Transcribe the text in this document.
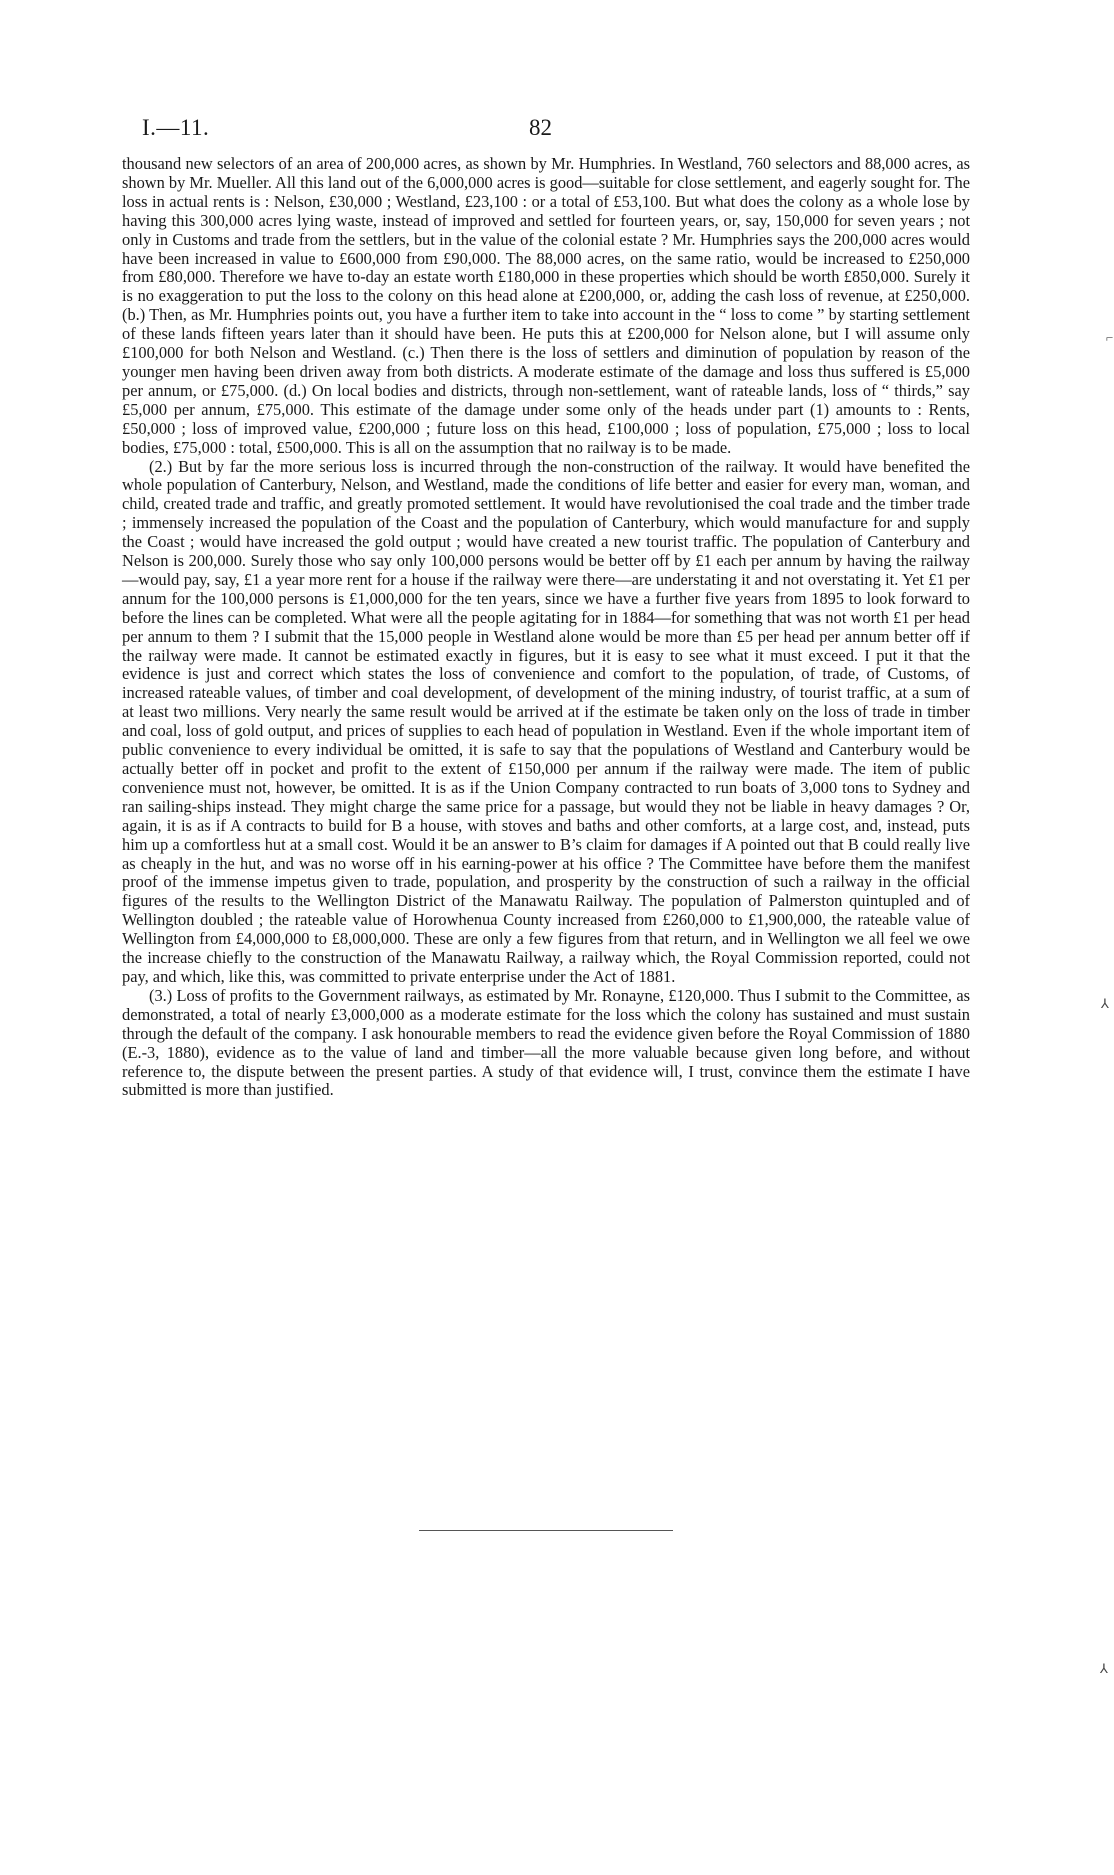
I.—11.	82

thousand new selectors of an area of 200,000 acres, as shown by Mr. Humphries. In Westland, 760 selectors and 88,000 acres, as shown by Mr. Mueller. All this land out of the 6,000,000 acres is good—suitable for close settlement, and eagerly sought for. The loss in actual rents is : Nelson, £30,000 ; Westland, £23,100 : or a total of £53,100. But what does the colony as a whole lose by having this 300,000 acres lying waste, instead of improved and settled for fourteen years, or, say, 150,000 for seven years ; not only in Customs and trade from the settlers, but in the value of the colonial estate ? Mr. Humphries says the 200,000 acres would have been increased in value to £600,000 from £90,000. The 88,000 acres, on the same ratio, would be increased to £250,000 from £80,000. Therefore we have to-day an estate worth £180,000 in these properties which should be worth £850,000. Surely it is no exaggeration to put the loss to the colony on this head alone at £200,000, or, adding the cash loss of revenue, at £250,000. (b.) Then, as Mr. Humphries points out, you have a further item to take into account in the “ loss to come ” by starting settlement of these lands fifteen years later than it should have been. He puts this at £200,000 for Nelson alone, but I will assume only £100,000 for both Nelson and Westland. (c.) Then there is the loss of settlers and diminution of population by reason of the younger men having been driven away from both districts. A moderate estimate of the damage and loss thus suffered is £5,000 per annum, or £75,000. (d.) On local bodies and districts, through non-settlement, want of rateable lands, loss of “ thirds,” say £5,000 per annum, £75,000. This estimate of the damage under some only of the heads under part (1) amounts to : Rents, £50,000 ; loss of improved value, £200,000 ; future loss on this head, £100,000 ; loss of population, £75,000 ; loss to local bodies, £75,000 : total, £500,000. This is all on the assumption that no railway is to be made.

(2.) But by far the more serious loss is incurred through the non-construction of the railway. It would have benefited the whole population of Canterbury, Nelson, and Westland, made the conditions of life better and easier for every man, woman, and child, created trade and traffic, and greatly promoted settlement. It would have revolutionised the coal trade and the timber trade ; immensely increased the population of the Coast and the population of Canterbury, which would manufacture for and supply the Coast ; would have increased the gold output ; would have created a new tourist traffic. The population of Canterbury and Nelson is 200,000. Surely those who say only 100,000 persons would be better off by £1 each per annum by having the railway—would pay, say, £1 a year more rent for a house if the railway were there—are understating it and not overstating it. Yet £1 per annum for the 100,000 persons is £1,000,000 for the ten years, since we have a further five years from 1895 to look forward to before the lines can be completed. What were all the people agitating for in 1884—for something that was not worth £1 per head per annum to them ? I submit that the 15,000 people in Westland alone would be more than £5 per head per annum better off if the railway were made. It cannot be estimated exactly in figures, but it is easy to see what it must exceed. I put it that the evidence is just and correct which states the loss of convenience and comfort to the population, of trade, of Customs, of increased rateable values, of timber and coal development, of development of the mining industry, of tourist traffic, at a sum of at least two millions. Very nearly the same result would be arrived at if the estimate be taken only on the loss of trade in timber and coal, loss of gold output, and prices of supplies to each head of population in Westland. Even if the whole important item of public convenience to every individual be omitted, it is safe to say that the populations of Westland and Canterbury would be actually better off in pocket and profit to the extent of £150,000 per annum if the railway were made. The item of public convenience must not, however, be omitted. It is as if the Union Company contracted to run boats of 3,000 tons to Sydney and ran sailing-ships instead. They might charge the same price for a passage, but would they not be liable in heavy damages ? Or, again, it is as if A contracts to build for B a house, with stoves and baths and other comforts, at a large cost, and, instead, puts him up a comfortless hut at a small cost. Would it be an answer to B’s claim for damages if A pointed out that B could really live as cheaply in the hut, and was no worse off in his earning-power at his office ? The Committee have before them the manifest proof of the immense impetus given to trade, population, and prosperity by the construction of such a railway in the official figures of the results to the Wellington District of the Manawatu Railway. The population of Palmerston quintupled and of Wellington doubled ; the rateable value of Horowhenua County increased from £260,000 to £1,900,000, the rateable value of Wellington from £4,000,000 to £8,000,000. These are only a few figures from that return, and in Wellington we all feel we owe the increase chiefly to the construction of the Manawatu Railway, a railway which, the Royal Commission reported, could not pay, and which, like this, was committed to private enterprise under the Act of 1881.

(3.) Loss of profits to the Government railways, as estimated by Mr. Ronayne, £120,000. Thus I submit to the Committee, as demonstrated, a total of nearly £3,000,000 as a moderate estimate for the loss which the colony has sustained and must sustain through the default of the company. I ask honourable members to read the evidence given before the Royal Commission of 1880 (E.-3, 1880), evidence as to the value of land and timber—all the more valuable because given long before, and without reference to, the dispute between the present parties. A study of that evidence will, I trust, convince them the estimate I have submitted is more than justified.

⌐
⅄
⅄
